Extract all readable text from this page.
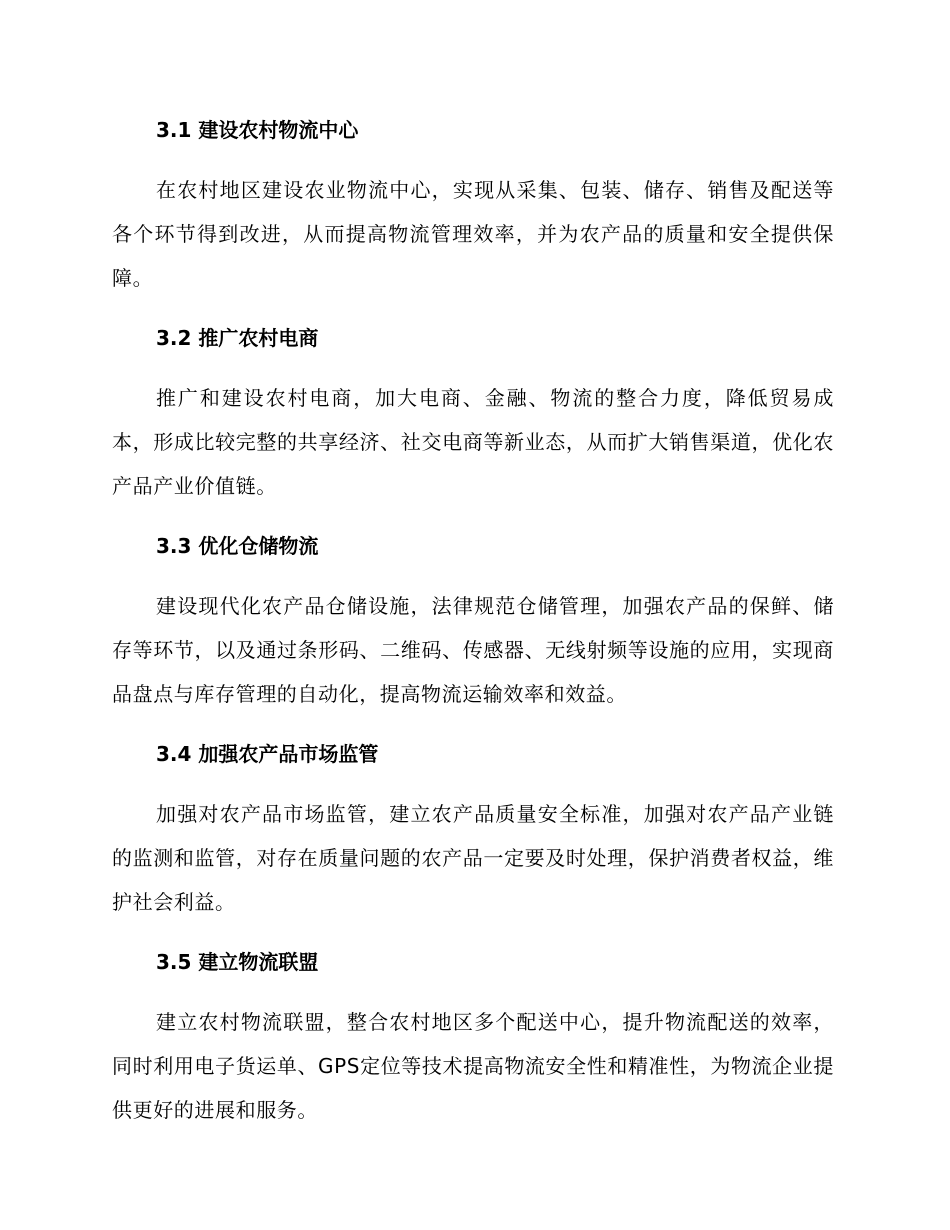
3.1 建设农村物流中心

在农村地区建设农业物流中心，实现从采集、包装、储存、销售及配送等各个环节得到改进，从而提高物流管理效率，并为农产品的质量和安全提供保障。

3.2 推广农村电商

推广和建设农村电商，加大电商、金融、物流的整合力度，降低贸易成本，形成比较完整的共享经济、社交电商等新业态，从而扩大销售渠道，优化农产品产业价值链。

3.3 优化仓储物流

建设现代化农产品仓储设施，法律规范仓储管理，加强农产品的保鲜、储存等环节，以及通过条形码、二维码、传感器、无线射频等设施的应用，实现商品盘点与库存管理的自动化，提高物流运输效率和效益。

3.4 加强农产品市场监管

加强对农产品市场监管，建立农产品质量安全标准，加强对农产品产业链的监测和监管，对存在质量问题的农产品一定要及时处理，保护消费者权益，维护社会利益。

3.5 建立物流联盟

建立农村物流联盟，整合农村地区多个配送中心，提升物流配送的效率，同时利用电子货运单、GPS定位等技术提高物流安全性和精准性，为物流企业提供更好的进展和服务。
